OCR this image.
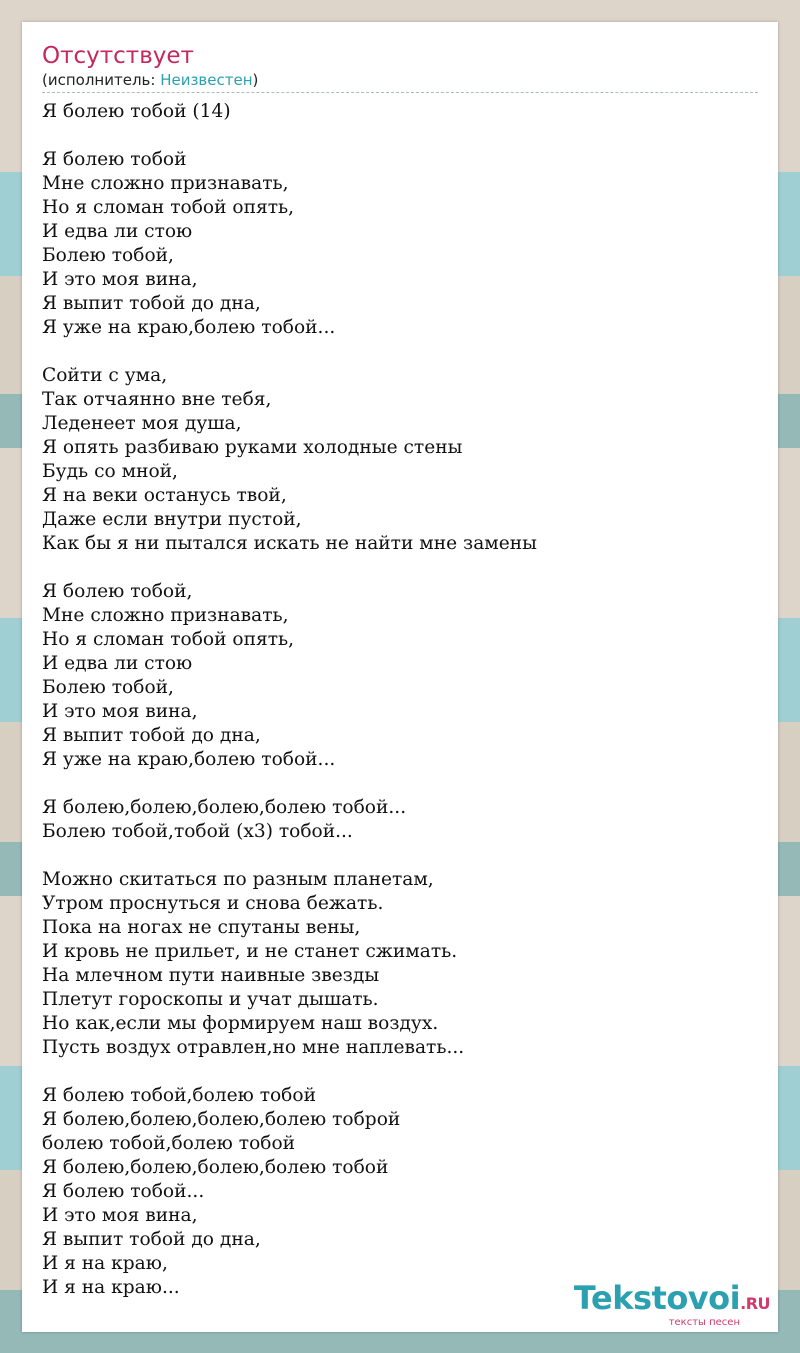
Отсутствует
(исполнитель: Неизвестен)
Я болею тобой (14)
Я болею тобой
Мне сложно признавать,
Но я сломан тобой опять,
И едва ли стою
Болею тобой,
И это моя вина,
Я выпит тобой до дна,
Я уже на краю,болею тобой...
Сойти с ума,
Так отчаянно вне тебя,
Леденеет моя душа,
Я опять разбиваю руками холодные стены
Будь со мной,
Я на веки останусь твой,
Даже если внутри пустой,
Как бы я ни пытался искать не найти мне замены
Я болею тобой,
Мне сложно признавать,
Но я сломан тобой опять,
И едва ли стою
Болею тобой,
И это моя вина,
Я выпит тобой до дна,
Я уже на краю,болею тобой...
Я болею,болею,болею,болею тобой...
Болею тобой,тобой (x3) тобой...
Можно скитаться по разным планетам,
Утром проснуться и снова бежать.
Пока на ногах не спутаны вены,
И кровь не прильет, и не станет сжимать.
На млечном пути наивные звезды
Плетут гороскопы и учат дышать.
Но как,если мы формируем наш воздух.
Пусть воздух отравлен,но мне наплевать...
Я болею тобой,болею тобой
Я болею,болею,болею,болею тоброй
болею тобой,болею тобой
Я болею,болею,болею,болею тобой
Я болею тобой...
И это моя вина,
Я выпит тобой до дна,
И я на краю,
И я на краю...	Tekstovoi.RU
тексты песен
